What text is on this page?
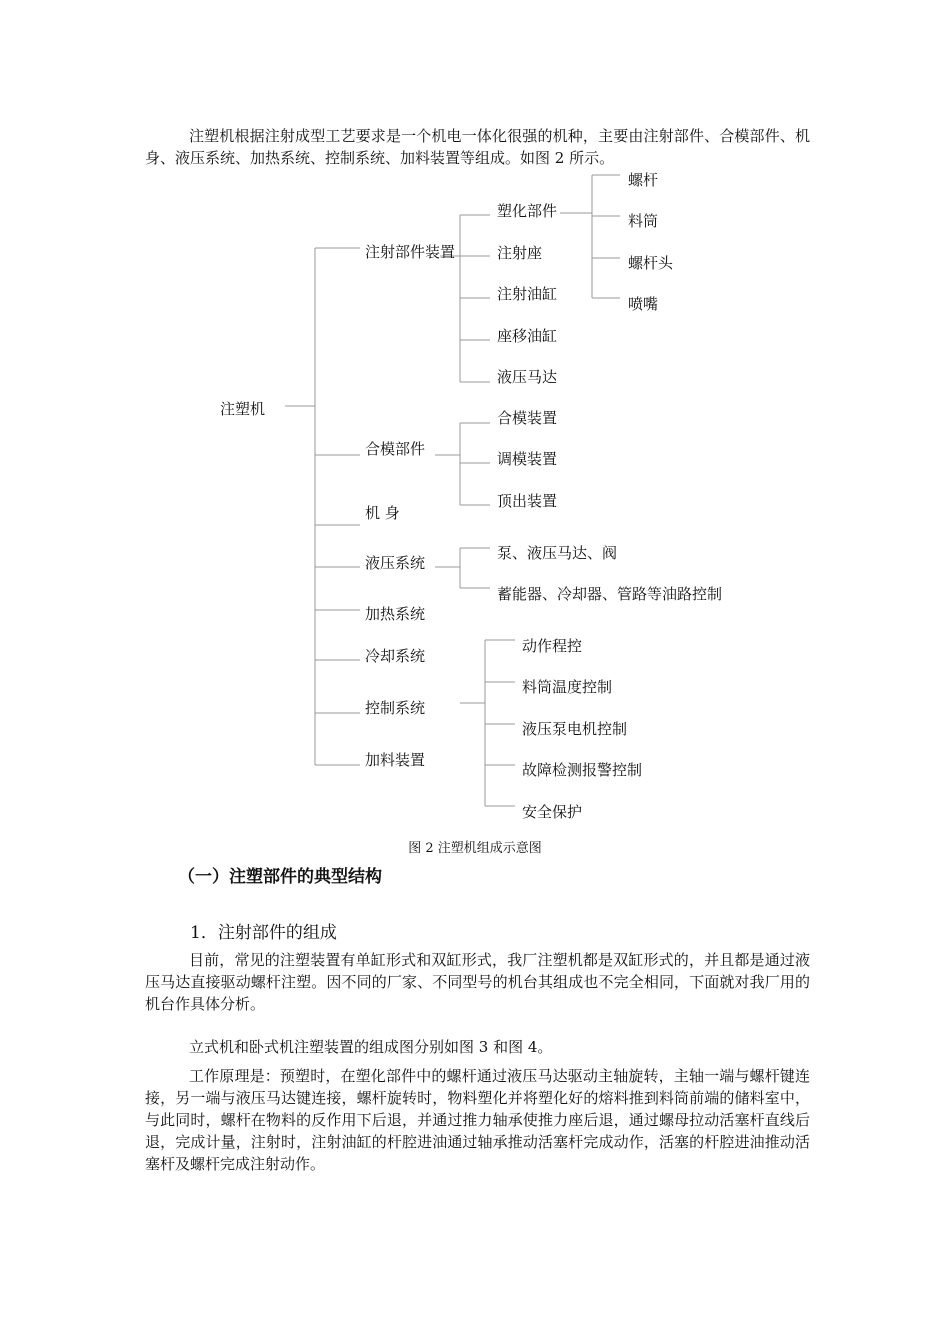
注塑机根据注射成型工艺要求是一个机电一体化很强的机种，主要由注射部件、合模部件、机身、液压系统、加热系统、控制系统、加料装置等组成。如图 2 所示。

注塑机
注射部件装置
合模部件
机 身
液压系统
加热系统
冷却系统
控制系统
加料装置
塑化部件
注射座
注射油缸
座移油缸
液压马达
螺杆
料筒
螺杆头
喷嘴
合模装置
调模装置
顶出装置
泵、液压马达、阀
蓄能器、冷却器、管路等油路控制
动作程控
料筒温度控制
液压泵电机控制
故障检测报警控制
安全保护
图 2 注塑机组成示意图
（一）注塑部件的典型结构
1．注射部件的组成

目前，常见的注塑装置有单缸形式和双缸形式，我厂注塑机都是双缸形式的，并且都是通过液压马达直接驱动螺杆注塑。因不同的厂家、不同型号的机台其组成也不完全相同，下面就对我厂用的机台作具体分析。

立式机和卧式机注塑装置的组成图分别如图 3 和图 4。

工作原理是：预塑时，在塑化部件中的螺杆通过液压马达驱动主轴旋转，主轴一端与螺杆键连接，另一端与液压马达键连接，螺杆旋转时，物料塑化并将塑化好的熔料推到料筒前端的储料室中，与此同时，螺杆在物料的反作用下后退，并通过推力轴承使推力座后退，通过螺母拉动活塞杆直线后退，完成计量，注射时，注射油缸的杆腔进油通过轴承推动活塞杆完成动作，活塞的杆腔进油推动活塞杆及螺杆完成注射动作。
